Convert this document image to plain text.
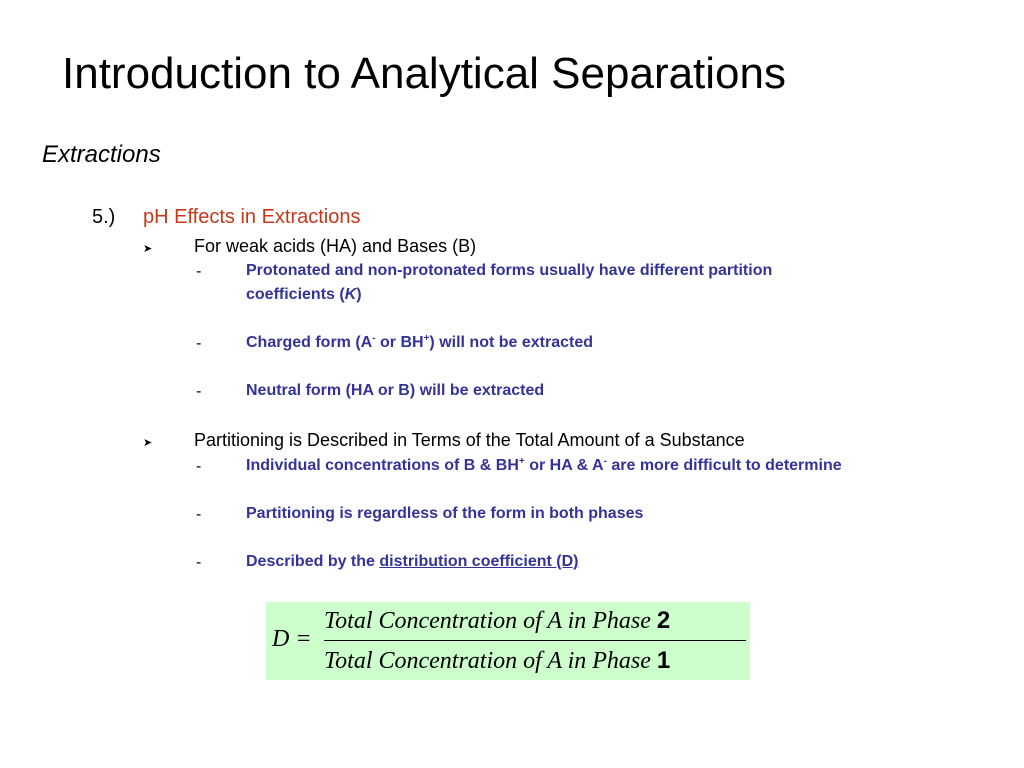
Introduction to Analytical Separations
Extractions
5.) pH Effects in Extractions
➤ For weak acids (HA) and Bases (B)
-	Protonated and non-protonated forms usually have different partition
coefficients (K)
-	Charged form (A- or BH+) will not be extracted
-	Neutral form (HA or B) will be extracted
➤ Partitioning is Described in Terms of the Total Amount of a Substance
-	Individual concentrations of B & BH+ or HA & A- are more difficult to determine
-	Partitioning is regardless of the form in both phases
-	Described by the distribution coefficient (D)
D =
Total Concentration of A in Phase 2
Total Concentration of A in Phase 1
